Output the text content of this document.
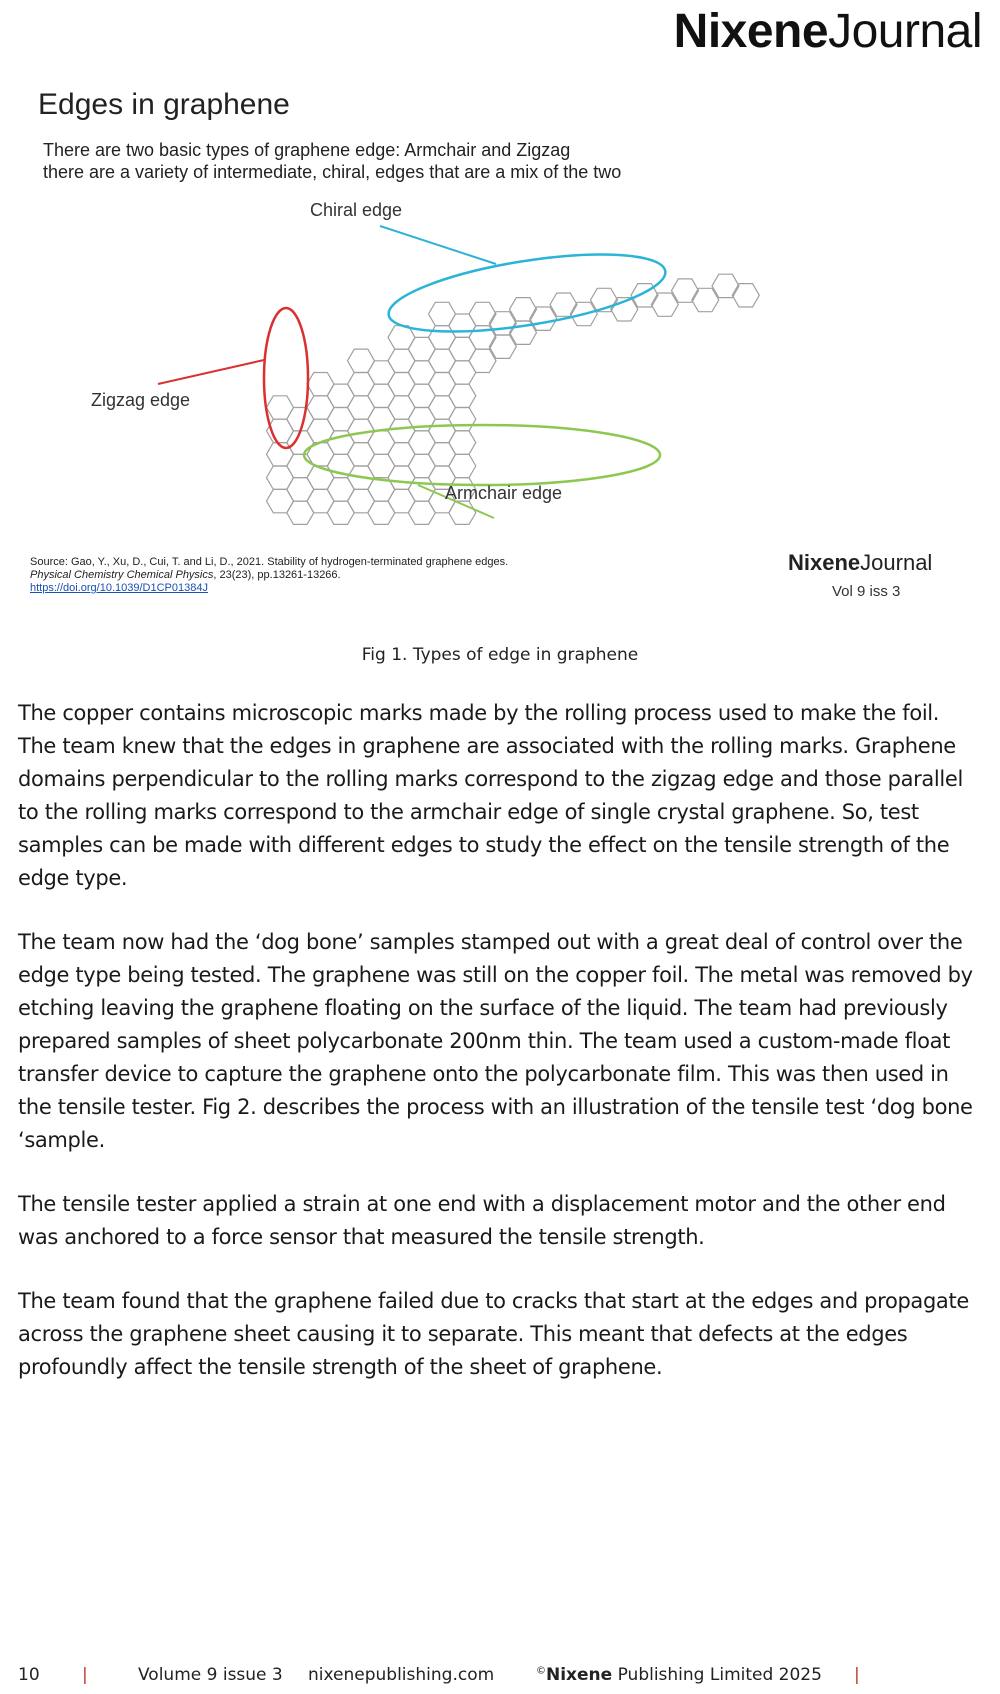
NixeneJournal
Edges in graphene
There are two basic types of graphene edge: Armchair and Zigzag
there are a variety of intermediate, chiral, edges that are a mix of the two
Chiral edge
Zigzag edge
Armchair edge
Source: Gao, Y., Xu, D., Cui, T. and Li, D., 2021. Stability of hydrogen-terminated graphene edges.
Physical Chemistry Chemical Physics, 23(23), pp.13261-13266.
https://doi.org/10.1039/D1CP01384J
NixeneJournal
Vol 9 iss 3
Fig 1. Types of edge in graphene

The copper contains microscopic marks made by the rolling process used to make the foil. The team knew that the edges in graphene are associated with the rolling marks. Graphene domains perpendicular to the rolling marks correspond to the zigzag edge and those parallel to the rolling marks correspond to the armchair edge of single crystal graphene. So, test samples can be made with different edges to study the effect on the tensile strength of the edge type.

The team now had the ‘dog bone’ samples stamped out with a great deal of control over the edge type being tested. The graphene was still on the copper foil. The metal was removed by etching leaving the graphene floating on the surface of the liquid. The team had previously prepared samples of sheet polycarbonate 200nm thin. The team used a custom-made float transfer device to capture the graphene onto the polycarbonate film. This was then used in the tensile tester. Fig 2. describes the process with an illustration of the tensile test ‘dog bone ‘sample.

The tensile tester applied a strain at one end with a displacement motor and the other end was anchored to a force sensor that measured the tensile strength.

The team found that the graphene failed due to cracks that start at the edges and propagate across the graphene sheet causing it to separate. This meant that defects at the edges profoundly affect the tensile strength of the sheet of graphene.

10 |	Volume 9 issue 3 nixenepublishing.com	©Nixene Publishing Limited 2025 |
